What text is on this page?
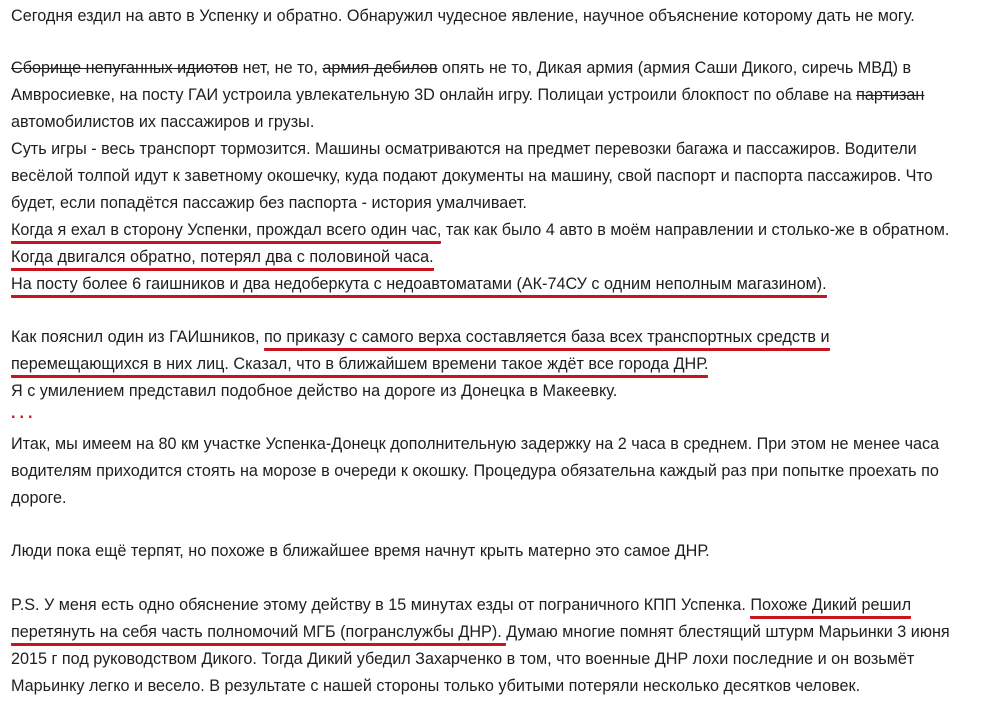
Сегодня ездил на авто в Успенку и обратно. Обнаружил чудесное явление, научное объяснение которому дать не могу.
Сборище непуганных идиотов нет, не то, армия дебилов опять не то, Дикая армия (армия Саши Дикого, сиречь МВД) в
Амвросиевке, на посту ГАИ устроила увлекательную 3D онлайн игру. Полицаи устроили блокпост по облаве на партизан
автомобилистов их пассажиров и грузы.
Суть игры - весь транспорт тормозится. Машины осматриваются на предмет перевозки багажа и пассажиров. Водители
весёлой толпой идут к заветному окошечку, куда подают документы на машину, свой паспорт и паспорта пассажиров. Что
будет, если попадётся пассажир без паспорта - история умалчивает.
Когда я ехал в сторону Успенки, прождал всего один час, так как было 4 авто в моём направлении и столько-же в обратном.
Когда двигался обратно, потерял два с половиной часа.
На посту более 6 гаишников и два недоберкута с недоавтоматами (АК-74СУ с одним неполным магазином).
Как пояснил один из ГАИшников, по приказу с самого верха составляется база всех транспортных средств и
перемещающихся в них лиц. Сказал, что в ближайшем времени такое ждёт все города ДНР.
Я с умилением представил подобное действо на дороге из Донецка в Макеевку.
...
Итак, мы имеем на 80 км участке Успенка-Донецк дополнительную задержку на 2 часа в среднем. При этом не менее часа
водителям приходится стоять на морозе в очереди к окошку. Процедура обязательна каждый раз при попытке проехать по
дороге.
Люди пока ещё терпят, но похоже в ближайшее время начнут крыть матерно это самое ДНР.
P.S. У меня есть одно обяснение этому действу в 15 минутах езды от пограничного КПП Успенка. Похоже Дикий решил
перетянуть на себя часть полномочий МГБ (погранслужбы ДНР). Думаю многие помнят блестящий штурм Марьинки 3 июня
2015 г под руководством Дикого. Тогда Дикий убедил Захарченко в том, что военные ДНР лохи последние и он возьмёт
Марьинку легко и весело. В результате с нашей стороны только убитыми потеряли несколько десятков человек.
